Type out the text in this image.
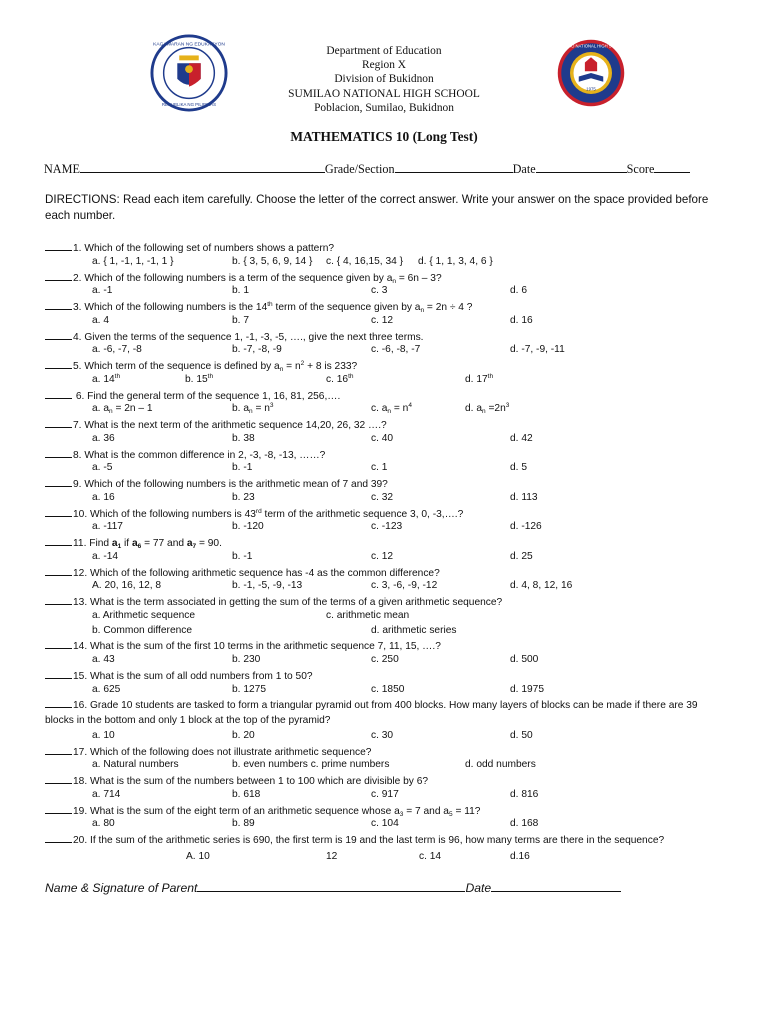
KAGAWARAN NG EDUKASYON
REPUBLIKA NG PILIPINAS
1975
SUMILAO NATIONAL HIGH SCHOOL
Department of Education
Region X
Division of Bukidnon
SUMILAO NATIONAL HIGH SCHOOL
Poblacion, Sumilao, Bukidnon
MATHEMATICS 10 (Long Test)
NAME	Grade/Section	Date	Score
DIRECTIONS: Read each item carefully. Choose the letter of the correct answer. Write your answer on the space provided before each number.
1. Which of the following set of numbers shows a pattern?
a. { 1, -1, 1, -1, 1 }	b. { 3, 5, 6, 9, 14 } c. { 4, 16,15, 34 } d. { 1, 1, 3, 4, 6 }
2. Which of the following numbers is a term of the sequence given by $a_n = 6n - 3$?
a. -1	b. 1	c. 3	d. 6
3. Which of the following numbers is the 14th term of the sequence given by $a_n = 2n \div 4$ ?
a. 4	b. 7	c. 12	d. 16
4. Given the terms of the sequence 1, -1, -3, -5, …., give the next three terms.
a. -6, -7, -8	b. -7, -8, -9	c. -6, -8, -7	d. -7, -9, -11
5. Which term of the sequence is defined by $a_n = n^2 + 8$ is 233?
a. 14th	b. 15th	c. 16th	d. 17th
6. Find the general term of the sequence 1, 16, 81, 256,….
a. $a_n = 2n - 1$	b. $a_n = n^3$	c. $a_n = n^4$	d. $a_n =2n^3$
7. What is the next term of the arithmetic sequence 14,20, 26, 32 ….?
a. 36	b. 38	c. 40	d. 42
8. What is the common difference in 2, -3, -8, -13, ……?
a. -5	b. -1	c. 1	d. 5
9. Which of the following numbers is the arithmetic mean of 7 and 39?
a. 16	b. 23	c. 32	d. 113
10. Which of the following numbers is 43rd term of the arithmetic sequence 3, 0, -3,….?
a. -117	b. -120	c. -123	d. -126
11. Find $a_1$ if $a_6 = 77$ and $a_7 = 90$.
a. -14	b. -1	c. 12	d. 25
12. Which of the following arithmetic sequence has -4 as the common difference?
A. 20, 16, 12, 8	b. -1, -5, -9, -13	c. 3, -6, -9, -12	d. 4, 8, 12, 16
13. What is the term associated in getting the sum of the terms of a given arithmetic sequence?
a. Arithmetic sequence	c. arithmetic mean
b. Common difference	d. arithmetic series
14. What is the sum of the first 10 terms in the arithmetic sequence 7, 11, 15, ….?
a. 43	b. 230	c. 250	d. 500
15. What is the sum of all odd numbers from 1 to 50?
a. 625	b. 1275	c. 1850	d. 1975
16. Grade 10 students are tasked to form a triangular pyramid out from 400 blocks. How many layers of blocks can be made if there are 39 blocks in the bottom and only 1 block at the top of the pyramid?
a. 10	b. 20	c. 30	d. 50
17. Which of the following does not illustrate arithmetic sequence?
a. Natural numbers	b. even numbers c. prime numbers	d. odd numbers
18. What is the sum of the numbers between 1 to 100 which are divisible by 6?
a. 714	b. 618	c. 917	d. 816
19. What is the sum of the eight term of an arithmetic sequence whose $a_3 = 7$ and $a_5 = 11$?
a. 80	b. 89	c. 104	d. 168
20. If the sum of the arithmetic series is 690, the first term is 19 and the last term is 96, how many terms are there in the sequence?
A. 10	12	c. 14	d.16
Name & Signature of Parent	Date
